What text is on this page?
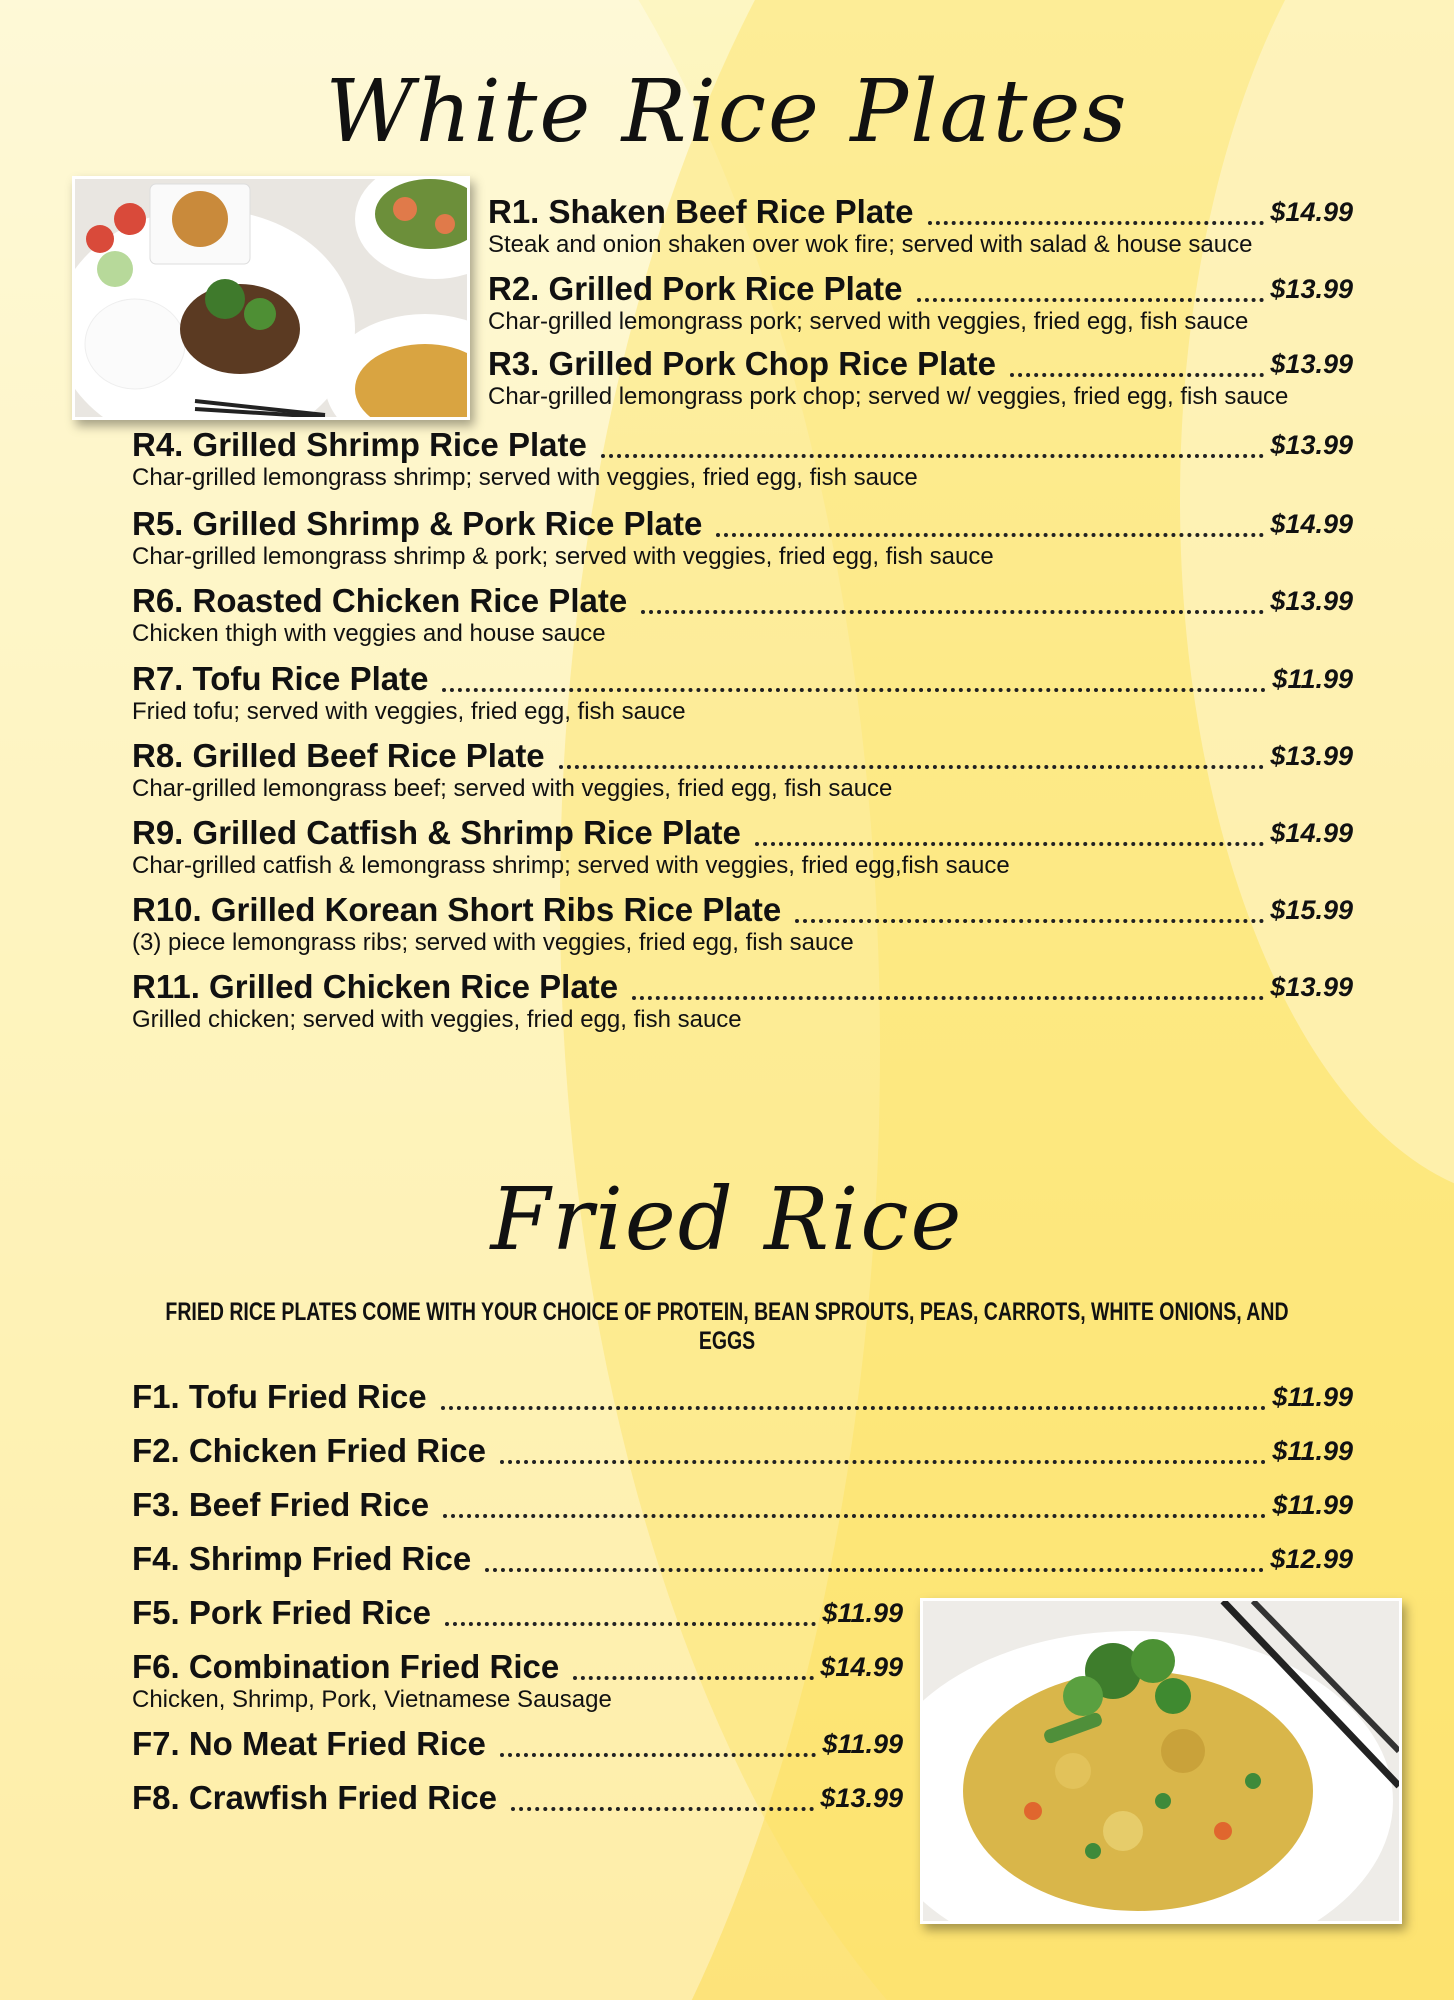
White Rice Plates
R1. Shaken Beef Rice Plate	$14.99
Steak and onion shaken over wok fire; served with salad & house sauce
R2. Grilled Pork Rice Plate	$13.99
Char-grilled lemongrass pork; served with veggies, fried egg, fish sauce
R3. Grilled Pork Chop Rice Plate	$13.99
Char-grilled lemongrass pork chop; served w/ veggies, fried egg, fish sauce
R4. Grilled Shrimp Rice Plate	$13.99
Char-grilled lemongrass shrimp; served with veggies, fried egg, fish sauce
R5. Grilled Shrimp & Pork Rice Plate	$14.99
Char-grilled lemongrass shrimp & pork; served with veggies, fried egg, fish sauce
R6. Roasted Chicken Rice Plate	$13.99
Chicken thigh with veggies and house sauce
R7. Tofu Rice Plate	$11.99
Fried tofu; served with veggies, fried egg, fish sauce
R8. Grilled Beef Rice Plate	$13.99
Char-grilled lemongrass beef; served with veggies, fried egg, fish sauce
R9. Grilled Catfish & Shrimp Rice Plate	$14.99
Char-grilled catfish & lemongrass shrimp; served with veggies, fried egg,fish sauce
R10. Grilled Korean Short Ribs Rice Plate	$15.99
(3) piece lemongrass ribs; served with veggies, fried egg, fish sauce
R11. Grilled Chicken Rice Plate	$13.99
Grilled chicken; served with veggies, fried egg, fish sauce
Fried Rice
FRIED RICE PLATES COME WITH YOUR CHOICE OF PROTEIN, BEAN SPROUTS, PEAS, CARROTS, WHITE ONIONS, AND EGGS
F1. Tofu Fried Rice	$11.99
F2. Chicken Fried Rice	$11.99
F3. Beef Fried Rice	$11.99
F4. Shrimp Fried Rice	$12.99
F5. Pork Fried Rice	$11.99
F6. Combination Fried Rice	$14.99
Chicken, Shrimp, Pork, Vietnamese Sausage
F7. No Meat Fried Rice	$11.99
F8. Crawfish Fried Rice	$13.99
